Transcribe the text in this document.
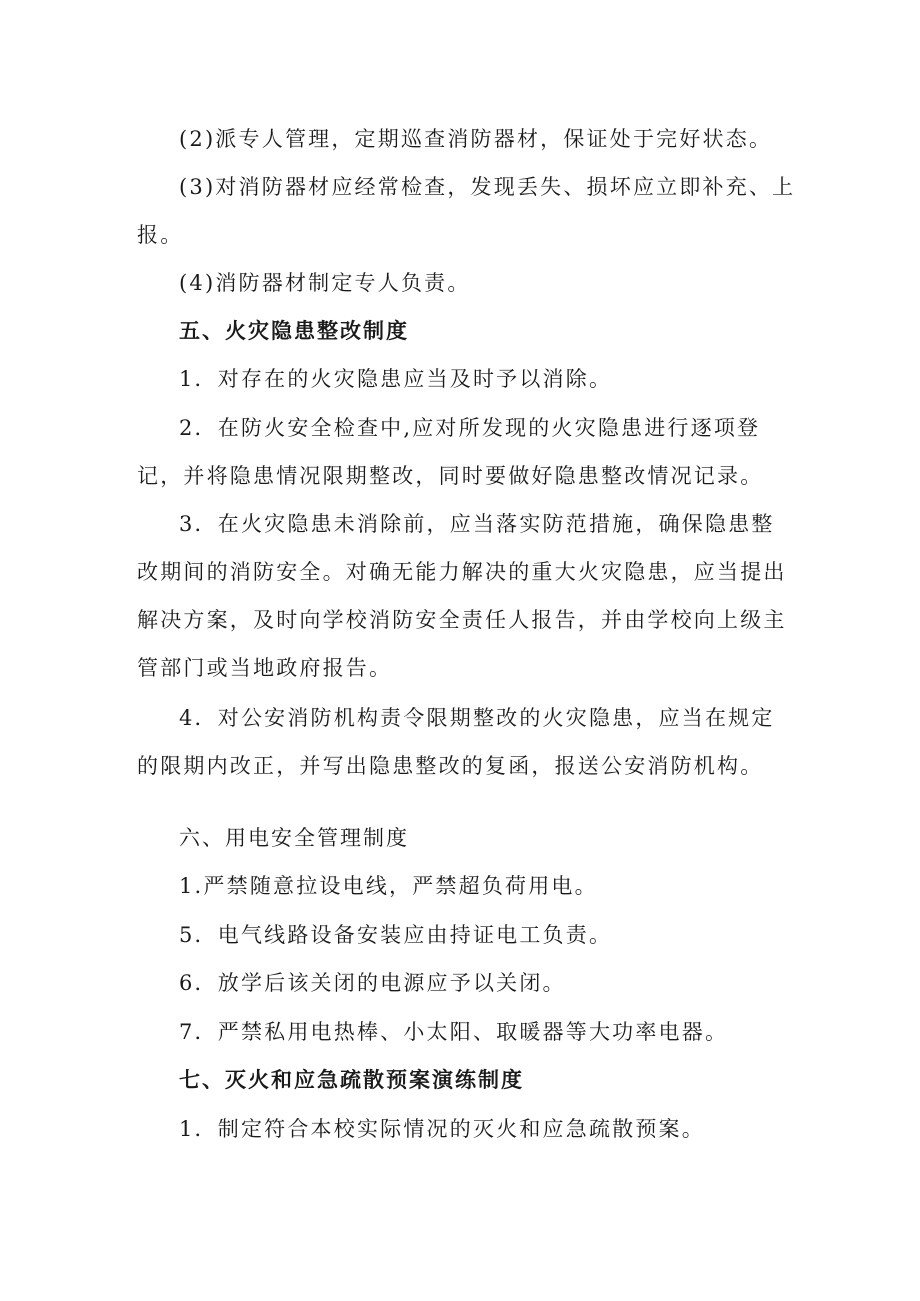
(2)派专人管理，定期巡查消防器材，保证处于完好状态。
(3)对消防器材应经常检查，发现丢失、损坏应立即补充、上报。
(4)消防器材制定专人负责。
五、火灾隐患整改制度
1．对存在的火灾隐患应当及时予以消除。
2．在防火安全检查中,应对所发现的火灾隐患进行逐项登记，并将隐患情况限期整改，同时要做好隐患整改情况记录。
3．在火灾隐患未消除前，应当落实防范措施，确保隐患整改期间的消防安全。对确无能力解决的重大火灾隐患，应当提出解决方案，及时向学校消防安全责任人报告，并由学校向上级主管部门或当地政府报告。
4．对公安消防机构责令限期整改的火灾隐患，应当在规定的限期内改正，并写出隐患整改的复函，报送公安消防机构。
六、用电安全管理制度
1.严禁随意拉设电线，严禁超负荷用电。
5．电气线路设备安装应由持证电工负责。
6．放学后该关闭的电源应予以关闭。
7．严禁私用电热棒、小太阳、取暖器等大功率电器。
七、灭火和应急疏散预案演练制度
1．制定符合本校实际情况的灭火和应急疏散预案。
